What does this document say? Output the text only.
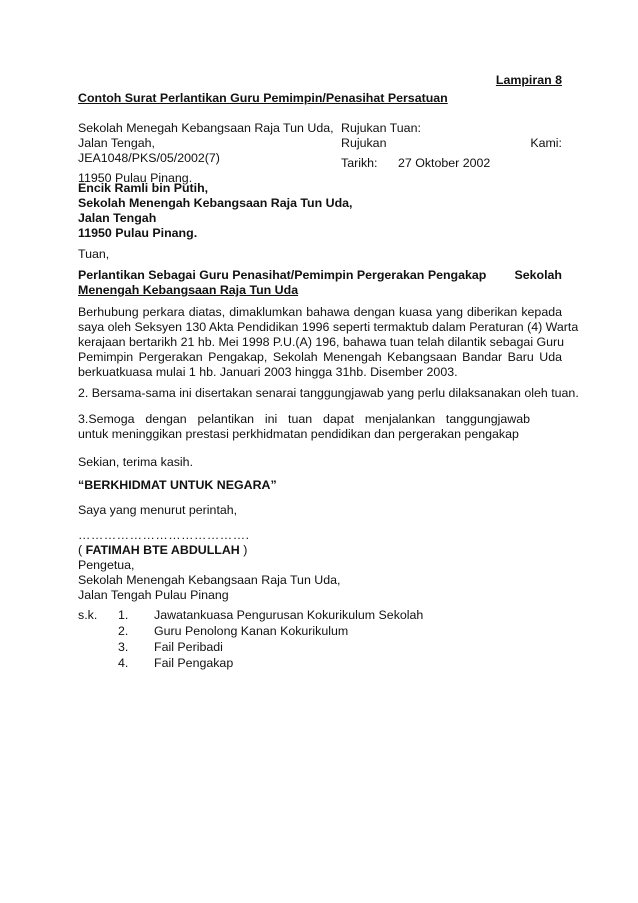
Lampiran 8
Contoh Surat Perlantikan Guru Pemimpin/Penasihat Persatuan
Sekolah Menegah Kebangsaan Raja Tun Uda,
Jalan Tengah,
JEA1048/PKS/05/2002(7)
11950 Pulau Pinang.
Rujukan Tuan:
Rujukan	Kami:
Tarikh: 27 Oktober 2002
Encik Ramli bin Putih,
Sekolah Menengah Kebangsaan Raja Tun Uda,
Jalan Tengah
11950 Pulau Pinang.
Tuan,
Perlantikan Sebagai Guru Penasihat/Pemimpin Pergerakan Pengakap Sekolah
Menengah Kebangsaan Raja Tun Uda
Berhubung perkara diatas, dimaklumkan bahawa dengan kuasa yang diberikan kepada
saya oleh Seksyen 130 Akta Pendidikan 1996 seperti termaktub dalam Peraturan (4) Warta
kerajaan bertarikh 21 hb. Mei 1998 P.U.(A) 196, bahawa tuan telah dilantik sebagai Guru
Pemimpin Pergerakan Pengakap, Sekolah Menengah Kebangsaan Bandar Baru Uda
berkuatkuasa mulai 1 hb. Januari 2003 hingga 31hb. Disember 2003.
2. Bersama-sama ini disertakan senarai tanggungjawab yang perlu dilaksanakan oleh tuan.
3.Semoga dengan pelantikan ini tuan dapat menjalankan tanggungjawab
untuk meninggikan prestasi perkhidmatan pendidikan dan pergerakan pengakap
Sekian, terima kasih.
“BERKHIDMAT UNTUK NEGARA”
Saya yang menurut perintah,
………………………………….
( FATIMAH BTE ABDULLAH )
Pengetua,
Sekolah Menengah Kebangsaan Raja Tun Uda,
Jalan Tengah Pulau Pinang
s.k. 1.	Jawatankuasa Pengurusan Kokurikulum Sekolah
2.	Guru Penolong Kanan Kokurikulum
3.	Fail Peribadi
4.	Fail Pengakap
